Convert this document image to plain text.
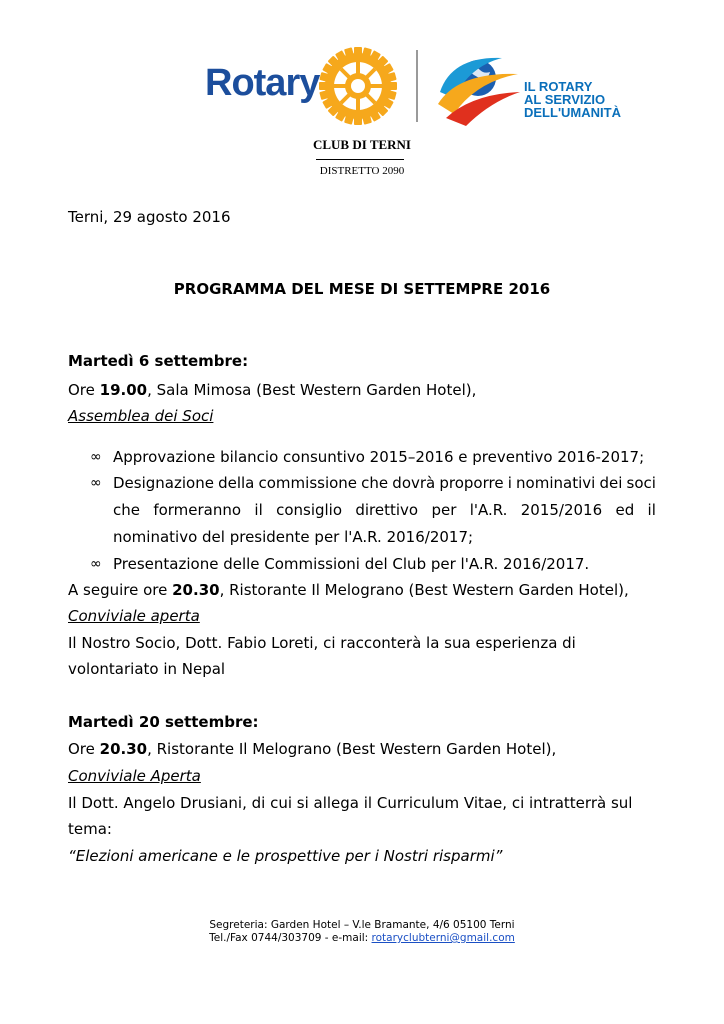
Rotary	IL ROTARY
AL SERVIZIO
DELL'UMANITÀ
CLUB DI TERNI
DISTRETTO 2090
Terni, 29 agosto 2016
PROGRAMMA DEL MESE DI SETTEMPRE 2016
Martedì 6 settembre:
Ore 19.00, Sala Mimosa (Best Western Garden Hotel),
Assemblea dei Soci
∞ Approvazione bilancio consuntivo 2015–2016 e preventivo 2016-2017;
∞ Designazione della commissione che dovrà proporre i nominativi dei soci
che formeranno il consiglio direttivo per l'A.R. 2015/2016 ed il
nominativo del presidente per l'A.R. 2016/2017;
∞ Presentazione delle Commissioni del Club per l'A.R. 2016/2017.
A seguire ore 20.30, Ristorante Il Melograno (Best Western Garden Hotel),
Conviviale aperta
Il Nostro Socio, Dott. Fabio Loreti, ci racconterà la sua esperienza di
volontariato in Nepal
Martedì 20 settembre:
Ore 20.30, Ristorante Il Melograno (Best Western Garden Hotel),
Conviviale Aperta
Il Dott. Angelo Drusiani, di cui si allega il Curriculum Vitae, ci intratterrà sul
tema:
“Elezioni americane e le prospettive per i Nostri risparmi”
Segreteria: Garden Hotel – V.le Bramante, 4/6 05100 Terni
Tel./Fax 0744/303709 - e-mail: rotaryclubterni@gmail.com
